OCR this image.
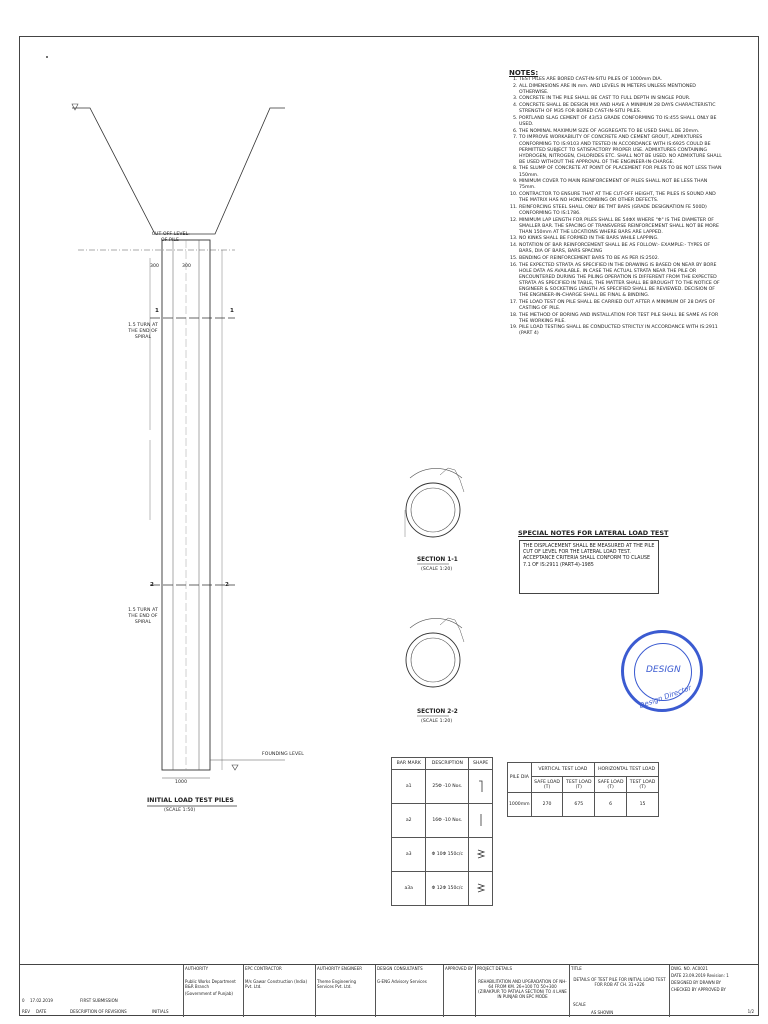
CUT OFF LEVEL OF PILE
300	300
1.5 TURN AT THE END OF SPIRAL
1.5 TURN AT THE END OF SPIRAL
1	1
2	2
FOUNDING LEVEL
1000
INITIAL LOAD TEST PILES
(SCALE 1:50)
SECTION 1-1
(SCALE 1:20)
SECTION 2-2
(SCALE 1:20)
NOTES:
1. TEST PILES ARE BORED CAST-IN-SITU PILES OF 1000mm DIA.
2. ALL DIMENSIONS ARE IN mm. AND LEVELS IN METERS UNLESS MENTIONED OTHERWISE.
3. CONCRETE IN THE PILE SHALL BE CAST TO FULL DEPTH IN SINGLE POUR.
4. CONCRETE SHALL BE DESIGN MIX AND HAVE A MINIMUM 28 DAYS CHARACTERISTIC STRENGTH OF M35 FOR BORED CAST-IN-SITU PILES.
5. PORTLAND SLAG CEMENT OF 43/53 GRADE CONFORMING TO IS:455 SHALL ONLY BE USED.
6. THE NOMINAL MAXIMUM SIZE OF AGGREGATE TO BE USED SHALL BE 20mm.
7. TO IMPROVE WORKABILITY OF CONCRETE AND CEMENT GROUT, ADMIXTURES CONFORMING TO IS:9103 AND TESTED IN ACCORDANCE WITH IS:6925 COULD BE PERMITTED SUBJECT TO SATISFACTORY PROPER USE. ADMIXTURES CONTAINING HYDROGEN, NITROGEN, CHLORIDES ETC. SHALL NOT BE USED. NO ADMIXTURE SHALL BE USED WITHOUT THE APPROVAL OF THE ENGINEER-IN-CHARGE.
8. THE SLUMP OF CONCRETE AT POINT OF PLACEMENT FOR PILES TO BE NOT LESS THAN 150mm.
9. MINIMUM COVER TO MAIN REINFORCEMENT OF PILES SHALL NOT BE LESS THAN 75mm.
10. CONTRACTOR TO ENSURE THAT AT THE CUT-OFF HEIGHT, THE PILES IS SOUND AND THE MATRIX HAS NO HONEYCOMBING OR OTHER DEFECTS.
11. REINFORCING STEEL SHALL ONLY BE TMT BARS (GRADE DESIGNATION FE 500D) CONFORMING TO IS:1786.
12. MINIMUM LAP LENGTH FOR PILES SHALL BE 54ΦX WHERE "Φ" IS THE DIAMETER OF SMALLER BAR. THE SPACING OF TRANSVERSE REINFORCEMENT SHALL NOT BE MORE THAN 150mm AT THE LOCATIONS WHERE BARS ARE LAPPED.
13. NO KINKS SHALL BE FORMED IN THE BARS WHILE LAPPING.
14. NOTATION OF BAR REINFORCEMENT SHALL BE AS FOLLOW:- EXAMPLE:- TYPES OF BARS, DIA OF BARS, BARS SPACING
15. BENDING OF REINFORCEMENT BARS TO BE AS PER IS:2502.
16. THE EXPECTED STRATA AS SPECIFIED IN THE DRAWING IS BASED ON NEAR BY BORE HOLE DATA AS AVAILABLE. IN CASE THE ACTUAL STRATA NEAR THE PILE OR ENCOUNTERED DURING THE PILING OPERATION IS DIFFERENT FROM THE EXPECTED STRATA AS SPECIFIED IN TABLE, THE MATTER SHALL BE BROUGHT TO THE NOTICE OF ENGINEER & SOCKETING LENGTH AS SPECIFIED SHALL BE REVIEWED. DECISION OF THE ENGINEER-IN-CHARGE SHALL BE FINAL & BINDING.
17. THE LOAD TEST ON PILE SHALL BE CARRIED OUT AFTER A MINIMUM OF 28 DAYS OF CASTING OF PILE.
18. THE METHOD OF BORING AND INSTALLATION FOR TEST PILE SHALL BE SAME AS FOR THE WORKING PILE.
19. PILE LOAD TESTING SHALL BE CONDUCTED STRICTLY IN ACCORDANCE WITH IS:2911 (PART 4)
SPECIAL NOTES FOR LATERAL LOAD TEST
THE DISPLACEMENT SHALL BE MEASURED AT THE PILE CUT OF LEVEL FOR THE LATERAL LOAD TEST. ACCEPTANCE CRITERIA SHALL CONFORM TO CLAUSE 7.1 OF IS:2911 (PART-4)-1985
BAR MARK	DESCRIPTION	SHAPE
a1	25Φ -10 Nos.	
a2	16Φ -10 Nos.	
a3	Φ 10Φ 150c/c	
a3a	Φ 12Φ 150c/c	
PILE DIA	VERTICAL TEST LOAD		HORIZONTAL TEST LOAD	
	SAFE LOAD (T)	TEST LOAD (T)	SAFE LOAD (T)	TEST LOAD (T)
1000mm	270	675	6	15
DESIGN
Design Director
0 17.02.2019	FIRST SUBMISSION
REV DATE	DESCRIPTION OF REVISIONS	INITIALS
AUTHORITY
Public Works Department B&R Branch
(Government of Punjab)
EPC CONTRACTOR
M/s Gawar Construction (India) Pvt. Ltd.
AUTHORITY ENGINEER
Theme Engineering Services Pvt. Ltd.
DESIGN CONSULTANTS
G-ENG Advisory Services
APPROVED BY PROJECT DETAILS
REHABILITATION AND UPGRADATION OF NH-64 FROM KM. 26+100 TO 50+300 (ZIRAKPUR TO PATIALA SECTION) TO 4 LANE IN PUNJAB ON EPC MODE
TITLE
DETAILS OF TEST PILE FOR INITIAL LOAD TEST FOR ROB AT CH. 31+226
SCALE
AS SHOWN
DWG. NO. AC0021
DATE 23.09.2019 Revision: 1
DESIGNED BY DRAWN BY
CHECKED BY APPROVED BY
1/2
